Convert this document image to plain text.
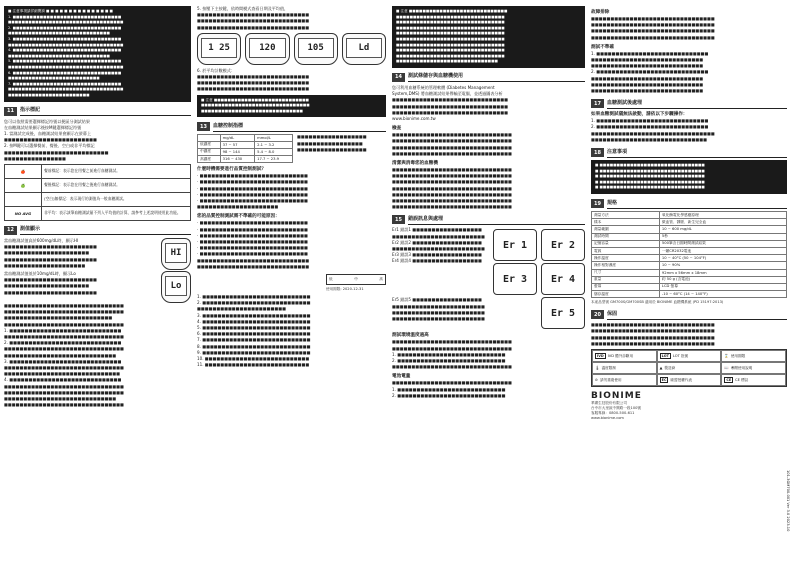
■ 注意事項請詳細閱讀 ■ ■ ■ ■ ■ ■ ■ ■ ■ ■ ■ ■ ■ ■ ■
1. ■■■■■■■■■■■■■■■■■■■■■■■■■■■■■■■■
■■■■■■■■■■■■■■■■■■■■■■■■■■■■■■■■■■
2. ■■■■■■■■■■■■■■■■■■■■■■■■■■■■■■■■
■■■■■■■■■■■■■■■■■■■■■■■■■■■■■■
3. ■■■■■■■■■■■■■■■■■■■■■■■■■■■■■■■■
■■■■■■■■■■■■■■■■■■■■■■■■■■■■■■■■■■
4. ■■■■■■■■■■■■■■■■■■■■■■■■■■■■■■■■
■■■■■■■■■■■■■■■■■■■■■■■■■■■■■■
5. ■■■■■■■■■■■■■■■■■■■■■■■■■■■■■■■■
■■■■■■■■■■■■■■■■■■■■■■■■■■■■■■■■■■
6. ■■■■■■■■■■■■■■■■■■■■■■■■■■■■■■■■
■■■■■■■■■■■■■■■■■■■■■■■■■■■
7. ■■■■■■■■■■■■■■■■■■■■■■■■■■■■■■■■
■■■■■■■■■■■■■■■■■■■■■■■■■■■■■■■■■■
■■■■■■■■■■■■■■■■■■■■■■■■
11	指示標記
您可以依照需要選擇標記符號以便區分測試結果
在血糖測試結果顯示後按M鍵選擇標記符號
1. 當測試完成後，血糖測試結果會顯示在螢幕上
■■■■■■■■■■■■■■■■■■■■■■■■
2. 按M鍵可以選擇餐前、餐後、空白或非平均標記
■■■■■■■■■■■■■■■■■■■■■■■■■■■
■■■■■■■■■■■■■■■■
🍎	餐前標記：表示您在用餐之前進行血糖測試。
🍏	餐後標記：表示您在用餐之後進行血糖測試。
	(空白)無標記：表示現行的測值為一般血糖測試。
NO AVG	非平均：表示該筆血糖測試量不列入平均值的計算，請參考上述說明使用此功能。
12	測值顯示
當血糖測試值高於600mg/dL時，顯示HI
■■■■■■■■■■■■■■■■■■■■■■■■
■■■■■■■■■■■■■■■■■■■■■■
■■■■■■■■■■■■■■■■■■■■■■■■
■■■■■■■■■■■■■■■■■■■■■
HI
當血糖測試值低於10mg/dL時，顯示Lo
■■■■■■■■■■■■■■■■■■■■■■■■
■■■■■■■■■■■■■■■■■■■■■■
■■■■■■■■■■■■■■■■■■■■■■■■
Lo
■■■■■■■■■■■■■■■■■■■■■■■■■■■■■■■
■■■■■■■■■■■■■■■■■■■■■■■■■■■■■■■
■■■■■■■■■■■■■■■■■■■■■■■■■■■■
■■■■■■■■■■■■■■■■■■■■■■■■■■■■■■■
1. ■■■■■■■■■■■■■■■■■■■■■■■■■■■■■
■■■■■■■■■■■■■■■■■■■■■■■■■■■■■■■
2. ■■■■■■■■■■■■■■■■■■■■■■■■■■■■■
■■■■■■■■■■■■■■■■■■■■■■■■■■■■■■■
■■■■■■■■■■■■■■■■■■■■■■■■■■■■■
3. ■■■■■■■■■■■■■■■■■■■■■■■■■■■■■
■■■■■■■■■■■■■■■■■■■■■■■■■■■■■■■
■■■■■■■■■■■■■■■■■■■■■■■■■■■■■■
4. ■■■■■■■■■■■■■■■■■■■■■■■■■■■■■
■■■■■■■■■■■■■■■■■■■■■■■■■■■■■■■
■■■■■■■■■■■■■■■■■■■■■■■■■■■■■■■
■■■■■■■■■■■■■■■■■■■■■■■■■■■■■
■■■■■■■■■■■■■■■■■■■■■■■■■■■■■■■
5. 按壓下主按鍵，依時間模式查看日期及平均值，
■■■■■■■■■■■■■■■■■■■■■■■■■■■■■
■■■■■■■■■■■■■■■■■■■■■■■■■■■■■
■■■■■■■■■■■■■■■■■■■■■■■■■■■■■
1 25	120	105	Ld
6. 於平均計數模式：
■■■■■■■■■■■■■■■■■■■■■■■■■■■■■
■■■■■■■■■■■■■■■■■■■■■■■■■■■■■
■■■■■■■■■■■■■■■■■■■■■■■■■■■■■
■ 注意 ■■■■■■■■■■■■■■■■■■■■■■■■■■■■
■■■■■■■■■■■■■■■■■■■■■■■■■■■■■■■■
■■■■■■■■■■■■■■■■■■■■■■■■■■■■■■
13	血糖控制指標
	mg/dL	mmol/L
低濃度	37 ~ 57	2.1 ~ 3.2
中濃度	98 ~ 144	5.4 ~ 8.0
高濃度	316 ~ 430	17.7 ~ 23.9
■■■■■■■■■■■■■■■■■■
■■■■■■■■■■■■■■■■■
■■■■■■■■■■■■■■■■■■
什麼時機需要進行品質控制測試？
· ■■■■■■■■■■■■■■■■■■■■■■■■■■■■
· ■■■■■■■■■■■■■■■■■■■■■■■■■■■■
· ■■■■■■■■■■■■■■■■■■■■■■■■■■■■
· ■■■■■■■■■■■■■■■■■■■■■■■■■■■■
· ■■■■■■■■■■■■■■■■■■■■■■■■■■■■
■■■■■■■■■■■■■■■■■■■■■
您的品質控制測試需不準確的可能原因：
· ■■■■■■■■■■■■■■■■■■■■■■■■■■■■
· ■■■■■■■■■■■■■■■■■■■■■■■■■■■■
· ■■■■■■■■■■■■■■■■■■■■■■■■■■■■
· ■■■■■■■■■■■■■■■■■■■■■■■■■■■■
· ■■■■■■■■■■■■■■■■■■■■■■■■■■■■
· ■■■■■■■■■■■■■■■■■■■■■■■■■■■■
■■■■■■■■■■■■■■■■■■■■■■■■■■■■■
■■■■■■■■■■■■■■■■■■■■■■■■■■■■■
低	中	高
使用期限: 2020-12-31
1. ■■■■■■■■■■■■■■■■■■■■■■■■■■■■
2. ■■■■■■■■■■■■■■■■■■■■■■■■■■■■
■■■■■■■■■■■■■■■■■■■■■■■
3. ■■■■■■■■■■■■■■■■■■■■■■■■■■■■
4. ■■■■■■■■■■■■■■■■■■■■■■■■■■■■
5. ■■■■■■■■■■■■■■■■■■■■■■■■■■■■
6. ■■■■■■■■■■■■■■■■■■■■■■■■■■■■
7. ■■■■■■■■■■■■■■■■■■■■■■■■■■■■
8. ■■■■■■■■■■■■■■■■■■■■■■■■■■■■
9. ■■■■■■■■■■■■■■■■■■■■■■■■■■■■
10. ■■■■■■■■■■■■■■■■■■■■■■■■■■■
11. ■■■■■■■■■■■■■■■■■■■■■■■■■■■
■ 注意 ■■■■■■■■■■■■■■■■■■■■■■■■■■■■■
■■■■■■■■■■■■■■■■■■■■■■■■■■■■■■■■
■■■■■■■■■■■■■■■■■■■■■■■■■■■■■■■■
■■■■■■■■■■■■■■■■■■■■■■■■■■■■■■■■
■■■■■■■■■■■■■■■■■■■■■■■■■■■■■■■■
■■■■■■■■■■■■■■■■■■■■■■■■■■■■■■■■
■■■■■■■■■■■■■■■■■■■■■■■■■■■■■■■■
■■■■■■■■■■■■■■■■■■■■■■■■■■■■■■■■
■■■■■■■■■■■■■■■■■■■■■■■■■■■■■■■■
■■■■■■■■■■■■■■■■■■■■■■■■■■■■■■
14	測試條儲存與血糖機使用
您可利用血糖系統的管理軟體 (Diabetes Management
System,DMS) 將血糖測試結果傳輸至電腦，並透過圖表分析
■■■■■■■■■■■■■■■■■■■■■■■■■■■■■■
■■■■■■■■■■■■■■■■■■■■■■■■■■■■■■
■■■■■■■■■■■■■■■■■■■■■■■■■■■■■■
www.bionime.com.tw
檢查
■■■■■■■■■■■■■■■■■■■■■■■■■■■■■■■
■■■■■■■■■■■■■■■■■■■■■■■■■■■■■■■
■■■■■■■■■■■■■■■■■■■■■■■■■■■■■■■
■■■■■■■■■■■■■■■■■■■■■■■■■■■■■■■
清潔與消毒您的血糖機
■■■■■■■■■■■■■■■■■■■■■■■■■■■■■■■
■■■■■■■■■■■■■■■■■■■■■■■■■■■■■■■
■■■■■■■■■■■■■■■■■■■■■■■■■■■■■■■
■■■■■■■■■■■■■■■■■■■■■■■■■■■■■■■
■■■■■■■■■■■■■■■■■■■■■■■■■■■■■■■
■■■■■■■■■■■■■■■■■■■■■■■■■■■■■■■
■■■■■■■■■■■■■■■■■■■■■■■■■■■■■■■
15	錯誤訊息與處理
Er1 錯誤1 ■■■■■■■■■■■■■■■■■■
■■■■■■■■■■■■■■■■■■■■■■■■
Er2 錯誤2 ■■■■■■■■■■■■■■■■■■
■■■■■■■■■■■■■■■■■■■■■■■■
Er3 錯誤3 ■■■■■■■■■■■■■■■■■■
Er4 錯誤4 ■■■■■■■■■■■■■■■■■■
Er 1	Er 2
Er 3	Er 4
Er5 錯誤5 ■■■■■■■■■■■■■■■■■■
■■■■■■■■■■■■■■■■■■■■■■■■
■■■■■■■■■■■■■■■■■■■■■■■■
■■■■■■■■■■■■■■■■■■■■■■■■	Er 5
測試環境溫度過高
■■■■■■■■■■■■■■■■■■■■■■■■■■■■■■■
■■■■■■■■■■■■■■■■■■■■■■■■■■■■■■■
1. ■■■■■■■■■■■■■■■■■■■■■■■■■■■■
2. ■■■■■■■■■■■■■■■■■■■■■■■■■■■■
■■■■■■■■■■■■■■■■■■■■■■■■■■■■■■■
電池電量
■■■■■■■■■■■■■■■■■■■■■■■■■■■■■■■
1. ■■■■■■■■■■■■■■■■■■■■■■■■■■■■
2. ■■■■■■■■■■■■■■■■■■■■■■■■■■■■
故障排除
■■■■■■■■■■■■■■■■■■■■■■■■■■■■■■■■
■■■■■■■■■■■■■■■■■■■■■■■■■■■■■■■■
■■■■■■■■■■■■■■■■■■■■■■■■■■■■■■■■
■■■■■■■■■■■■■■■■■■■■■■■■■■■■■■■■
測試不準確
1. ■■■■■■■■■■■■■■■■■■■■■■■■■■■■■
■■■■■■■■■■■■■■■■■■■■■■■■■■■■■
■■■■■■■■■■■■■■■■■■■■■■■■■■■■■
2. ■■■■■■■■■■■■■■■■■■■■■■■■■■■■■
■■■■■■■■■■■■■■■■■■■■■■■■■■■■■
■■■■■■■■■■■■■■■■■■■■■■■■■■■■■
■■■■■■■■■■■■■■■■■■■■■■■■■■■■■
17	血糖測試後處理
如果血糖測試儀無法啟動，請依以下步驟操作：
1. ■■■■■■■■■■■■■■■■■■■■■■■■■■■■■
2. ■■■■■■■■■■■■■■■■■■■■■■■■■■■■■
■■■■■■■■■■■■■■■■■■■■■■■■■■■■■■■■
■■■■■■■■■■■■■■■■■■■■■■■■■■■■■■
18	注意事項
■ ■■■■■■■■■■■■■■■■■■■■■■■■■■■■■■■
■ ■■■■■■■■■■■■■■■■■■■■■■■■■■■■■■■
■ ■■■■■■■■■■■■■■■■■■■■■■■■■■■■■■■
■ ■■■■■■■■■■■■■■■■■■■■■■■■■■■■■■■
■ ■■■■■■■■■■■■■■■■■■■■■■■■■■■■■■■
19	規格
測量方法	氧化酶電化學感應原理
樣本	微血管、靜脈、新生兒全血
測量範圍	10 ~ 600 mg/dL
測試時間	5秒
記憶容量	500筆含日期時間測試結果
電源	一顆CR2032電池
操作溫度	10 ~ 40°C (50 ~ 104°F)
操作相對濕度	10 ~ 90%
尺寸	92mm x 56mm x 18mm
重量	約 50 g (含電池)
螢幕	LCD 螢幕
儲存溫度	-10 ~ 60°C (14 ~ 140°F)
本產品型號 GM700S/GM700SB 適用於 BIONIME 血糖機系統 (PD 15197:2013)
20	保固
■■■■■■■■■■■■■■■■■■■■■■■■■■■■■■■■
■■■■■■■■■■■■■■■■■■■■■■■■■■■■■■■■
■■■■■■■■■■■■■■■■■■■■■■■■■■■■■■■■
■■■■■■■■■■■■■■■■■■■■■■■■■■■■■■■■
IVD	IVD 體外診斷用	LOT	LOT 批號	⌛ 使用期限
🌡 溫度限制	▲ 製造商	📖 參閱使用說明
⊘ 請勿重複使用	EC	歐盟授權代表	CE	CE 標誌
BIONIME
華廣生技股份有限公司
台中市大里區中興路一段100號
客服專線：0800-500-611
www.bionime.com
101-3GM700-001 Ver 3.0 2023-10
